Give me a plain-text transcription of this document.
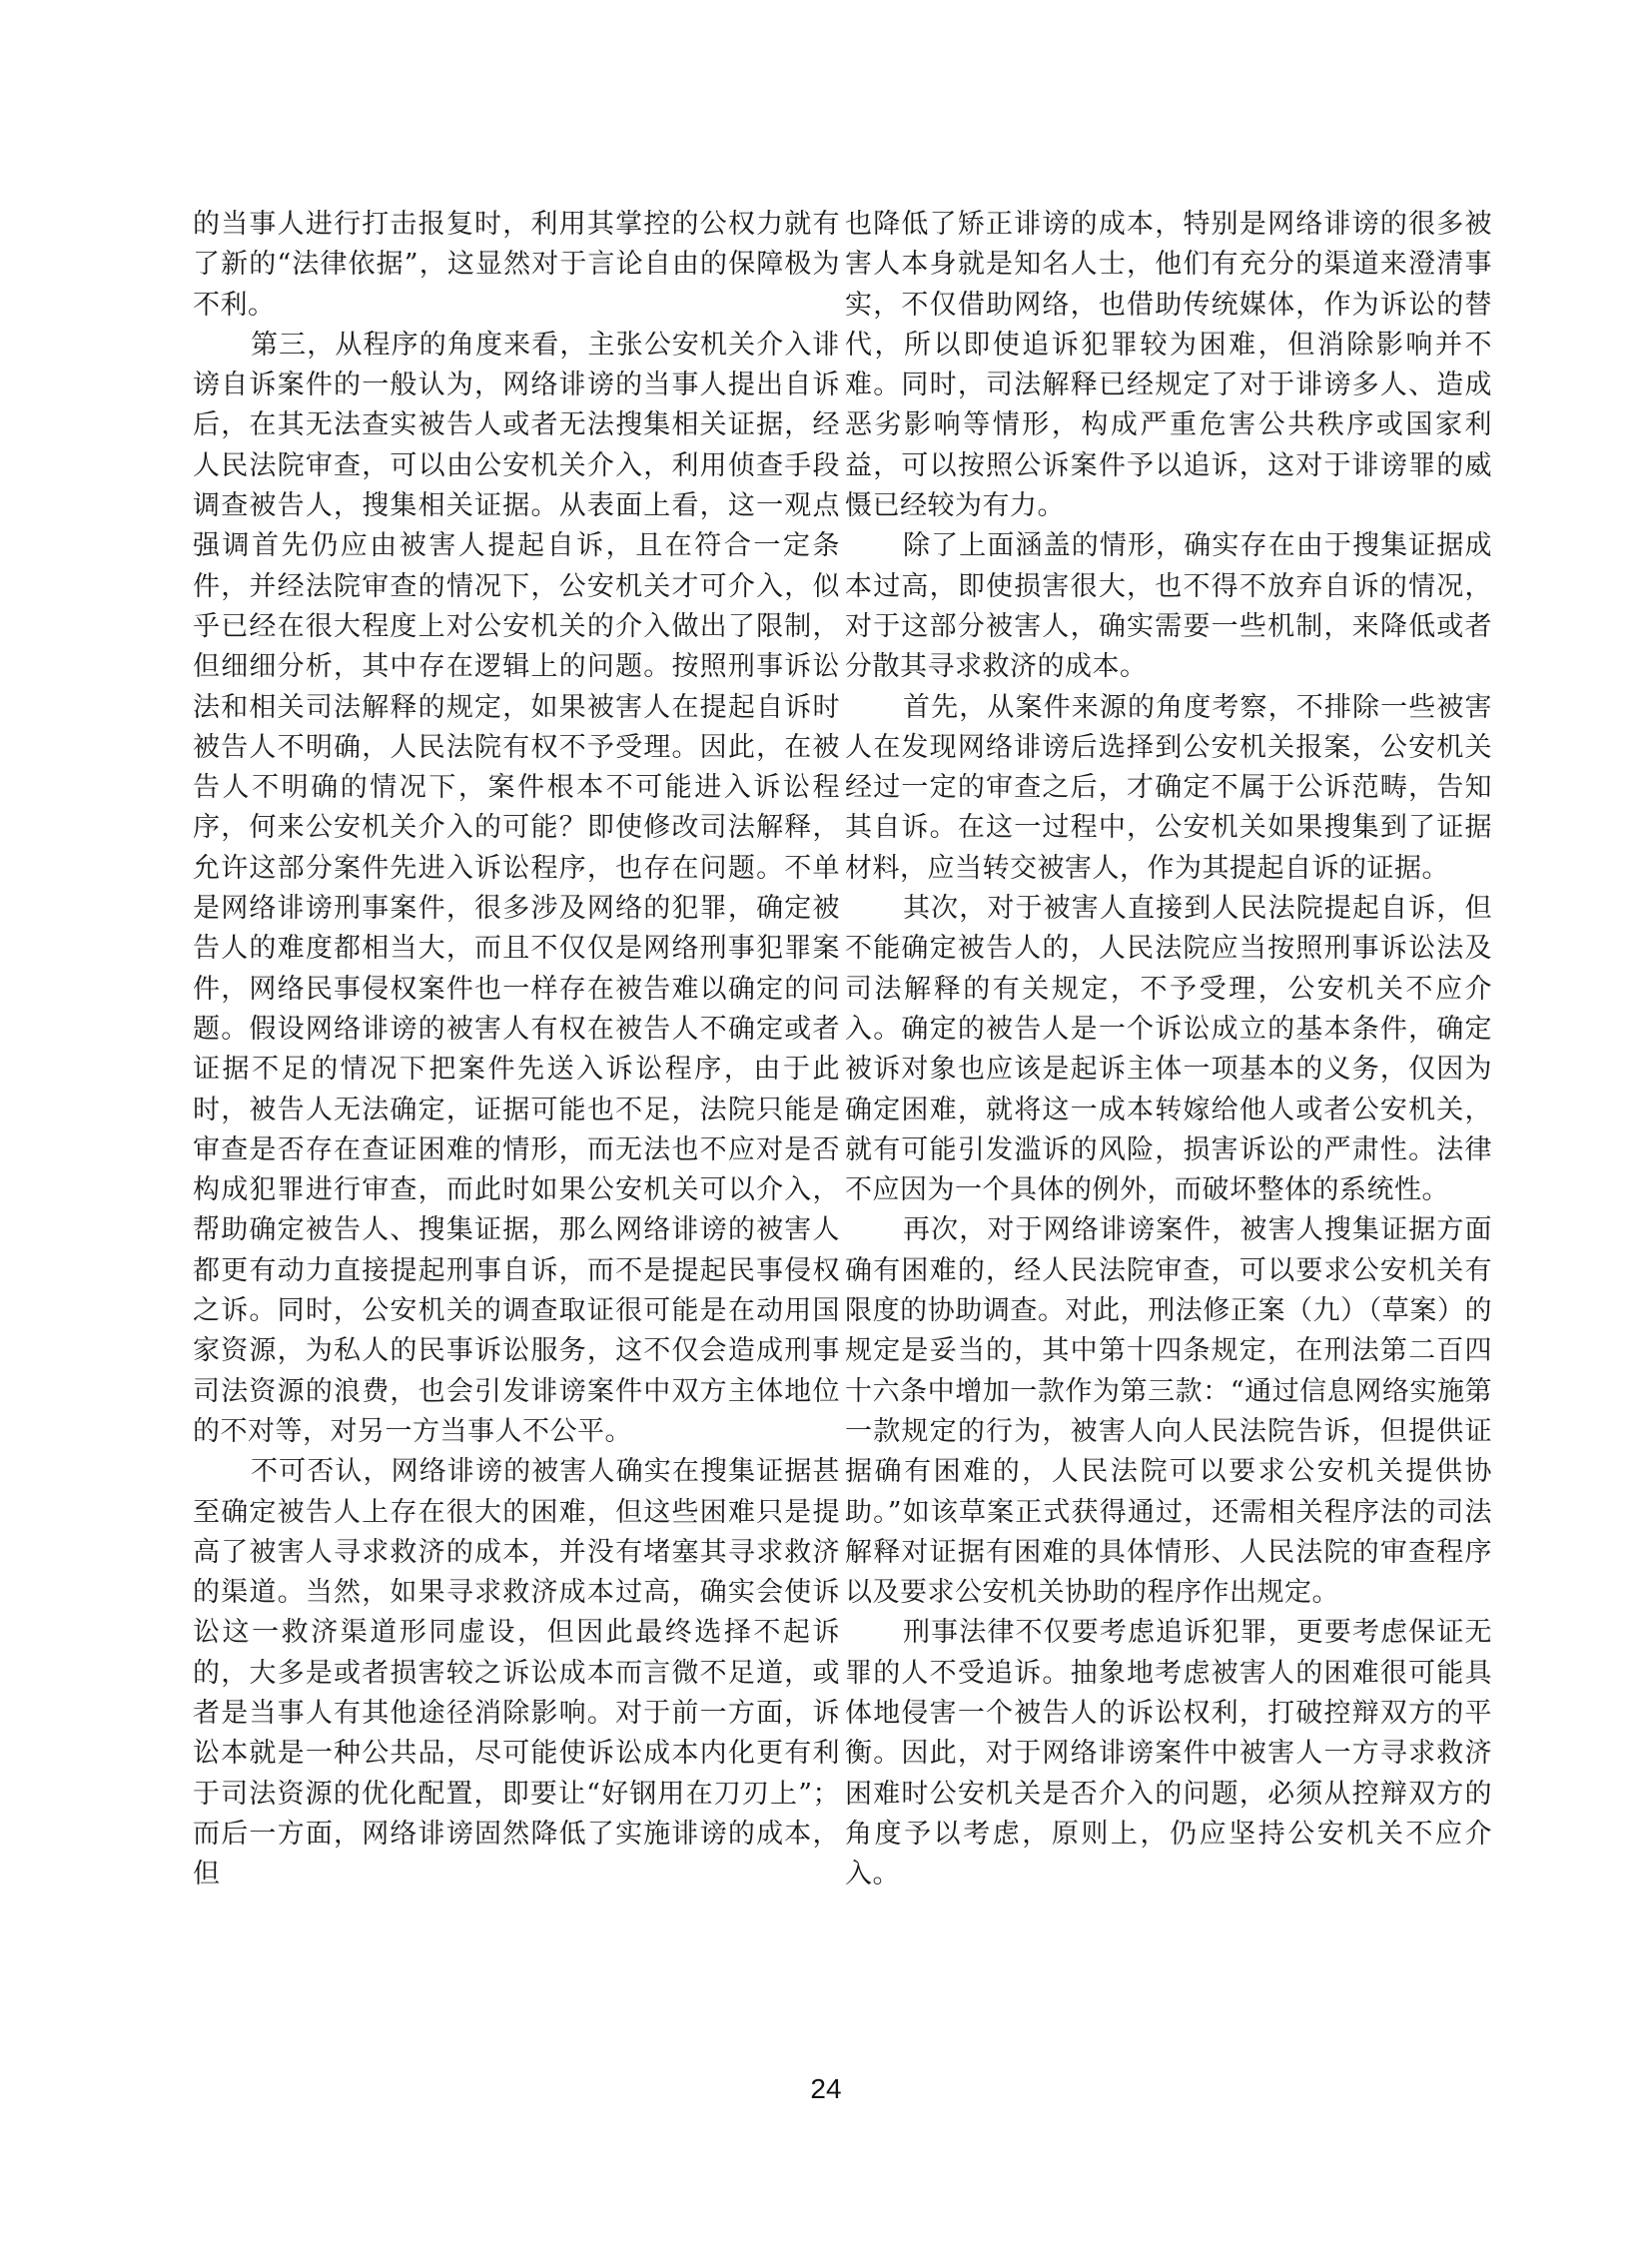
的当事人进行打击报复时，利用其掌控的公权力就有了新的“法律依据”，这显然对于言论自由的保障极为不利。

第三，从程序的角度来看，主张公安机关介入诽谤自诉案件的一般认为，网络诽谤的当事人提出自诉后，在其无法查实被告人或者无法搜集相关证据，经人民法院审查，可以由公安机关介入，利用侦查手段调查被告人，搜集相关证据。从表面上看，这一观点强调首先仍应由被害人提起自诉，且在符合一定条件，并经法院审查的情况下，公安机关才可介入，似乎已经在很大程度上对公安机关的介入做出了限制，但细细分析，其中存在逻辑上的问题。按照刑事诉讼法和相关司法解释的规定，如果被害人在提起自诉时被告人不明确，人民法院有权不予受理。因此，在被告人不明确的情况下，案件根本不可能进入诉讼程序，何来公安机关介入的可能？即使修改司法解释，允许这部分案件先进入诉讼程序，也存在问题。不单是网络诽谤刑事案件，很多涉及网络的犯罪，确定被告人的难度都相当大，而且不仅仅是网络刑事犯罪案件，网络民事侵权案件也一样存在被告难以确定的问题。假设网络诽谤的被害人有权在被告人不确定或者证据不足的情况下把案件先送入诉讼程序，由于此时，被告人无法确定，证据可能也不足，法院只能是审查是否存在查证困难的情形，而无法也不应对是否构成犯罪进行审查，而此时如果公安机关可以介入，帮助确定被告人、搜集证据，那么网络诽谤的被害人都更有动力直接提起刑事自诉，而不是提起民事侵权之诉。同时，公安机关的调查取证很可能是在动用国家资源，为私人的民事诉讼服务，这不仅会造成刑事司法资源的浪费，也会引发诽谤案件中双方主体地位的不对等，对另一方当事人不公平。

不可否认，网络诽谤的被害人确实在搜集证据甚至确定被告人上存在很大的困难，但这些困难只是提高了被害人寻求救济的成本，并没有堵塞其寻求救济的渠道。当然，如果寻求救济成本过高，确实会使诉讼这一救济渠道形同虚设，但因此最终选择不起诉的，大多是或者损害较之诉讼成本而言微不足道，或者是当事人有其他途径消除影响。对于前一方面，诉讼本就是一种公共品，尽可能使诉讼成本内化更有利于司法资源的优化配置，即要让“好钢用在刀刃上”；而后一方面，网络诽谤固然降低了实施诽谤的成本，但

也降低了矫正诽谤的成本，特别是网络诽谤的很多被害人本身就是知名人士，他们有充分的渠道来澄清事实，不仅借助网络，也借助传统媒体，作为诉讼的替代，所以即使追诉犯罪较为困难，但消除影响并不难。同时，司法解释已经规定了对于诽谤多人、造成恶劣影响等情形，构成严重危害公共秩序或国家利益，可以按照公诉案件予以追诉，这对于诽谤罪的威慑已经较为有力。

除了上面涵盖的情形，确实存在由于搜集证据成本过高，即使损害很大，也不得不放弃自诉的情况，对于这部分被害人，确实需要一些机制，来降低或者分散其寻求救济的成本。

首先，从案件来源的角度考察，不排除一些被害人在发现网络诽谤后选择到公安机关报案，公安机关经过一定的审查之后，才确定不属于公诉范畴，告知其自诉。在这一过程中，公安机关如果搜集到了证据材料，应当转交被害人，作为其提起自诉的证据。

其次，对于被害人直接到人民法院提起自诉，但不能确定被告人的，人民法院应当按照刑事诉讼法及司法解释的有关规定，不予受理，公安机关不应介入。确定的被告人是一个诉讼成立的基本条件，确定被诉对象也应该是起诉主体一项基本的义务，仅因为确定困难，就将这一成本转嫁给他人或者公安机关，就有可能引发滥诉的风险，损害诉讼的严肃性。法律不应因为一个具体的例外，而破坏整体的系统性。

再次，对于网络诽谤案件，被害人搜集证据方面确有困难的，经人民法院审查，可以要求公安机关有限度的协助调查。对此，刑法修正案（九）（草案）的规定是妥当的，其中第十四条规定，在刑法第二百四十六条中增加一款作为第三款：“通过信息网络实施第一款规定的行为，被害人向人民法院告诉，但提供证据确有困难的，人民法院可以要求公安机关提供协助。”如该草案正式获得通过，还需相关程序法的司法解释对证据有困难的具体情形、人民法院的审查程序以及要求公安机关协助的程序作出规定。

刑事法律不仅要考虑追诉犯罪，更要考虑保证无罪的人不受追诉。抽象地考虑被害人的困难很可能具体地侵害一个被告人的诉讼权利，打破控辩双方的平衡。因此，对于网络诽谤案件中被害人一方寻求救济困难时公安机关是否介入的问题，必须从控辩双方的角度予以考虑，原则上，仍应坚持公安机关不应介入。

24
